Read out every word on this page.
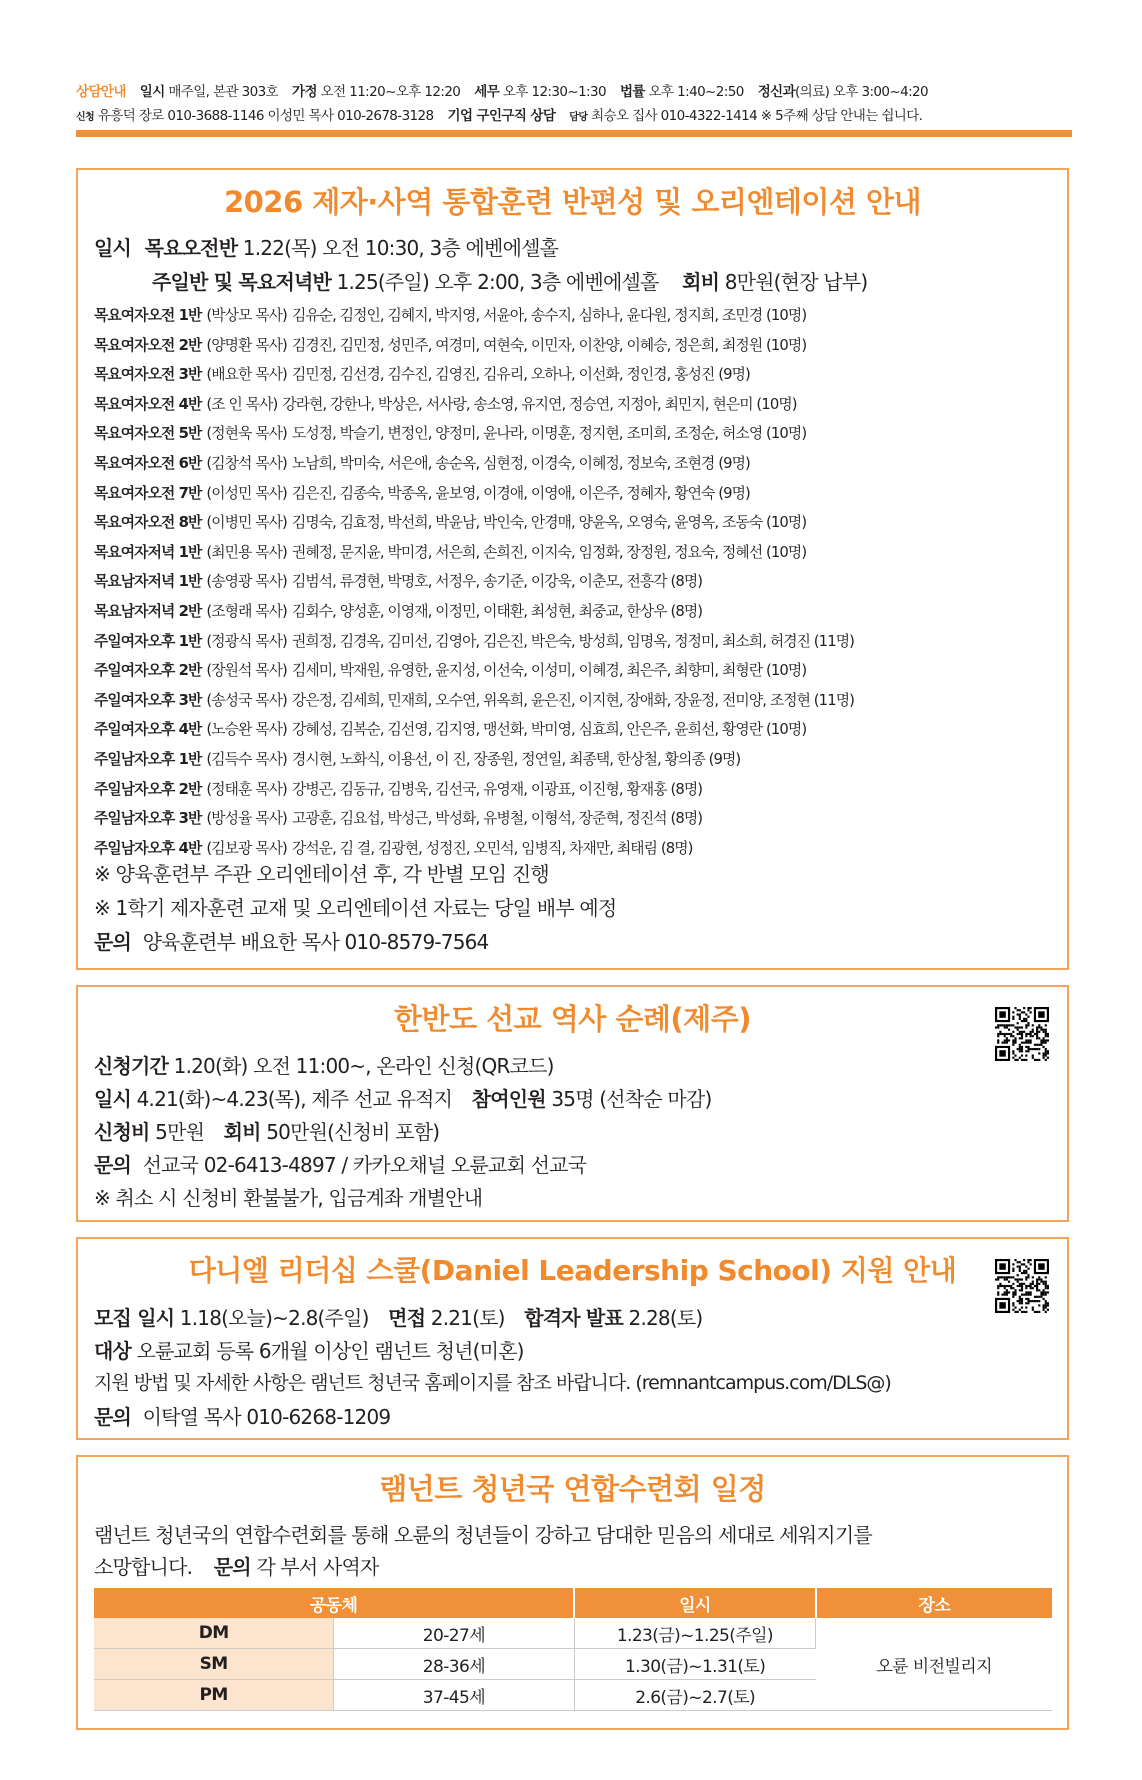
상담안내 일시 매주일, 본관 303호 가정 오전 11:20~오후 12:20 세무 오후 12:30~1:30 법률 오후 1:40~2:50 정신과(의료) 오후 3:00~4:20
신청 유흥덕 장로 010-3688-1146 이성민 목사 010-2678-3128 기업 구인구직 상담 담당 최승오 집사 010-4322-1414 ※ 5주째 상담 안내는 쉽니다.
2026 제자·사역 통합훈련 반편성 및 오리엔테이션 안내
일시 목요오전반 1.22(목) 오전 10:30, 3층 에벤에셀홀
주일반 및 목요저녁반 1.25(주일) 오후 2:00, 3층 에벤에셀홀 회비 8만원(현장 납부)
목요여자오전 1반 (박상모 목사) 김유순, 김정인, 김혜지, 박지영, 서윤아, 송수지, 심하나, 윤다원, 정지희, 조민경 (10명)
목요여자오전 2반 (양명환 목사) 김경진, 김민정, 성민주, 여경미, 여현숙, 이민자, 이찬양, 이혜승, 정은희, 최정원 (10명)
목요여자오전 3반 (배요한 목사) 김민정, 김선경, 김수진, 김영진, 김유리, 오하나, 이선화, 정인경, 홍성진 (9명)
목요여자오전 4반 (조 인 목사) 강라현, 강한나, 박상은, 서사랑, 송소영, 유지연, 정승연, 지정아, 최민지, 현은미 (10명)
목요여자오전 5반 (정현욱 목사) 도성정, 박슬기, 변정인, 양정미, 윤나라, 이명훈, 정지현, 조미희, 조정순, 허소영 (10명)
목요여자오전 6반 (김창석 목사) 노남희, 박미숙, 서은애, 송순옥, 심현정, 이경숙, 이혜정, 정보숙, 조현경 (9명)
목요여자오전 7반 (이성민 목사) 김은진, 김종숙, 박종옥, 윤보영, 이경애, 이영애, 이은주, 정혜자, 황연숙 (9명)
목요여자오전 8반 (이병민 목사) 김명숙, 김효정, 박선희, 박윤남, 박인숙, 안경매, 양윤옥, 오영숙, 윤영옥, 조동숙 (10명)
목요여자저녁 1반 (최민용 목사) 권혜정, 문지윤, 박미경, 서은희, 손희진, 이지숙, 임정화, 장정원, 정요숙, 정혜선 (10명)
목요남자저녁 1반 (송영광 목사) 김범석, 류경현, 박명호, 서정우, 송기준, 이강욱, 이춘모, 전흥각 (8명)
목요남자저녁 2반 (조형래 목사) 김회수, 양성훈, 이영재, 이정민, 이태환, 최성현, 최중교, 한상우 (8명)
주일여자오후 1반 (정광식 목사) 권희정, 김경옥, 김미선, 김영아, 김은진, 박은숙, 방성희, 임명옥, 정정미, 최소희, 허경진 (11명)
주일여자오후 2반 (장원석 목사) 김세미, 박재원, 유영한, 윤지성, 이선숙, 이성미, 이혜경, 최은주, 최향미, 최형란 (10명)
주일여자오후 3반 (송성국 목사) 강은정, 김세희, 민재희, 오수연, 위옥희, 윤은진, 이지현, 장애화, 장윤정, 전미양, 조정현 (11명)
주일여자오후 4반 (노승완 목사) 강혜성, 김복순, 김선영, 김지영, 맹선화, 박미영, 심효희, 안은주, 윤희선, 황영란 (10명)
주일남자오후 1반 (김득수 목사) 경시현, 노화식, 이용선, 이 진, 장종원, 정연일, 최종택, 한상철, 황의종 (9명)
주일남자오후 2반 (정태훈 목사) 강병곤, 김동규, 김병욱, 김선국, 유영재, 이광표, 이진형, 황재홍 (8명)
주일남자오후 3반 (방성율 목사) 고광훈, 김요섭, 박성근, 박성화, 유병철, 이형석, 장준혁, 정진석 (8명)
주일남자오후 4반 (김보광 목사) 강석운, 김 결, 김광현, 성정진, 오민석, 임병직, 차재만, 최태림 (8명)
※ 양육훈련부 주관 오리엔테이션 후, 각 반별 모임 진행
※ 1학기 제자훈련 교재 및 오리엔테이션 자료는 당일 배부 예정
문의 양육훈련부 배요한 목사 010-8579-7564
한반도 선교 역사 순례(제주)
신청기간 1.20(화) 오전 11:00~, 온라인 신청(QR코드)
일시 4.21(화)~4.23(목), 제주 선교 유적지 참여인원 35명 (선착순 마감)
신청비 5만원 회비 50만원(신청비 포함)
문의 선교국 02-6413-4897 / 카카오채널 오륜교회 선교국
※ 취소 시 신청비 환불불가, 입금계좌 개별안내
다니엘 리더십 스쿨(Daniel Leadership School) 지원 안내
모집 일시 1.18(오늘)~2.8(주일) 면접 2.21(토) 합격자 발표 2.28(토)
대상 오륜교회 등록 6개월 이상인 램넌트 청년(미혼)
지원 방법 및 자세한 사항은 램넌트 청년국 홈페이지를 참조 바랍니다. (remnantcampus.com/DLS@)
문의 이탁열 목사 010-6268-1209
램넌트 청년국 연합수련회 일정
램넌트 청년국의 연합수련회를 통해 오륜의 청년들이 강하고 담대한 믿음의 세대로 세워지기를
소망합니다. 문의 각 부서 사역자
공동체		일시	장소
DM	20-27세	1.23(금)~1.25(주일)	오륜 비전빌리지
SM	28-36세	1.30(금)~1.31(토)	
PM	37-45세	2.6(금)~2.7(토)	
